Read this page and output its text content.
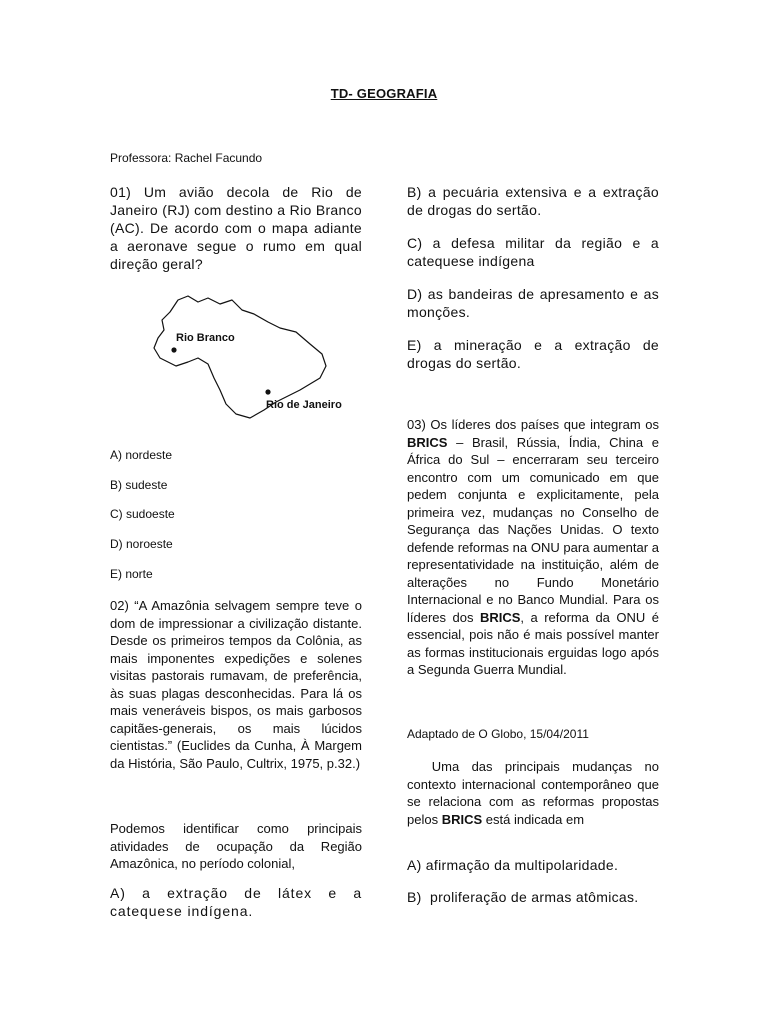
TD- GEOGRAFIA

Professora: Rachel Facundo

01) Um avião decola de Rio de Janeiro (RJ) com destino a Rio Branco (AC). De acordo com o mapa adiante a aeronave segue o rumo em qual direção geral?

Rio Branco
Rio de Janeiro

A) nordeste

B) sudeste

C) sudoeste

D) noroeste

E) norte

02) “A Amazônia selvagem sempre teve o dom de impressionar a civilização distante. Desde os primeiros tempos da Colônia, as mais imponentes expedições e solenes visitas pastorais rumavam, de preferência, às suas plagas desconhecidas. Para lá os mais veneráveis bispos, os mais garbosos capitães-generais, os mais lúcidos cientistas.” (Euclides da Cunha, À Margem da História, São Paulo, Cultrix, 1975, p.32.)

Podemos identificar como principais atividades de ocupação da Região Amazônica, no período colonial,

A) a extração de látex e a catequese indígena.

B) a pecuária extensiva e a extração de drogas do sertão.

C) a defesa militar da região e a catequese indígena

D) as bandeiras de apresamento e as monções.

E) a mineração e a extração de drogas do sertão.

03) Os líderes dos países que integram os BRICS – Brasil, Rússia, Índia, China e África do Sul – encerraram seu terceiro encontro com um comunicado em que pedem conjunta e explicitamente, pela primeira vez, mudanças no Conselho de Segurança das Nações Unidas. O texto defende reformas na ONU para aumentar a representatividade na instituição, além de alterações no Fundo Monetário Internacional e no Banco Mundial. Para os líderes dos BRICS, a reforma da ONU é essencial, pois não é mais possível manter as formas institucionais erguidas logo após a Segunda Guerra Mundial.

Adaptado de O Globo, 15/04/2011

Uma das principais mudanças no contexto internacional contemporâneo que se relaciona com as reformas propostas pelos BRICS está indicada em

A) afirmação da multipolaridade.

B)  proliferação de armas atômicas.
